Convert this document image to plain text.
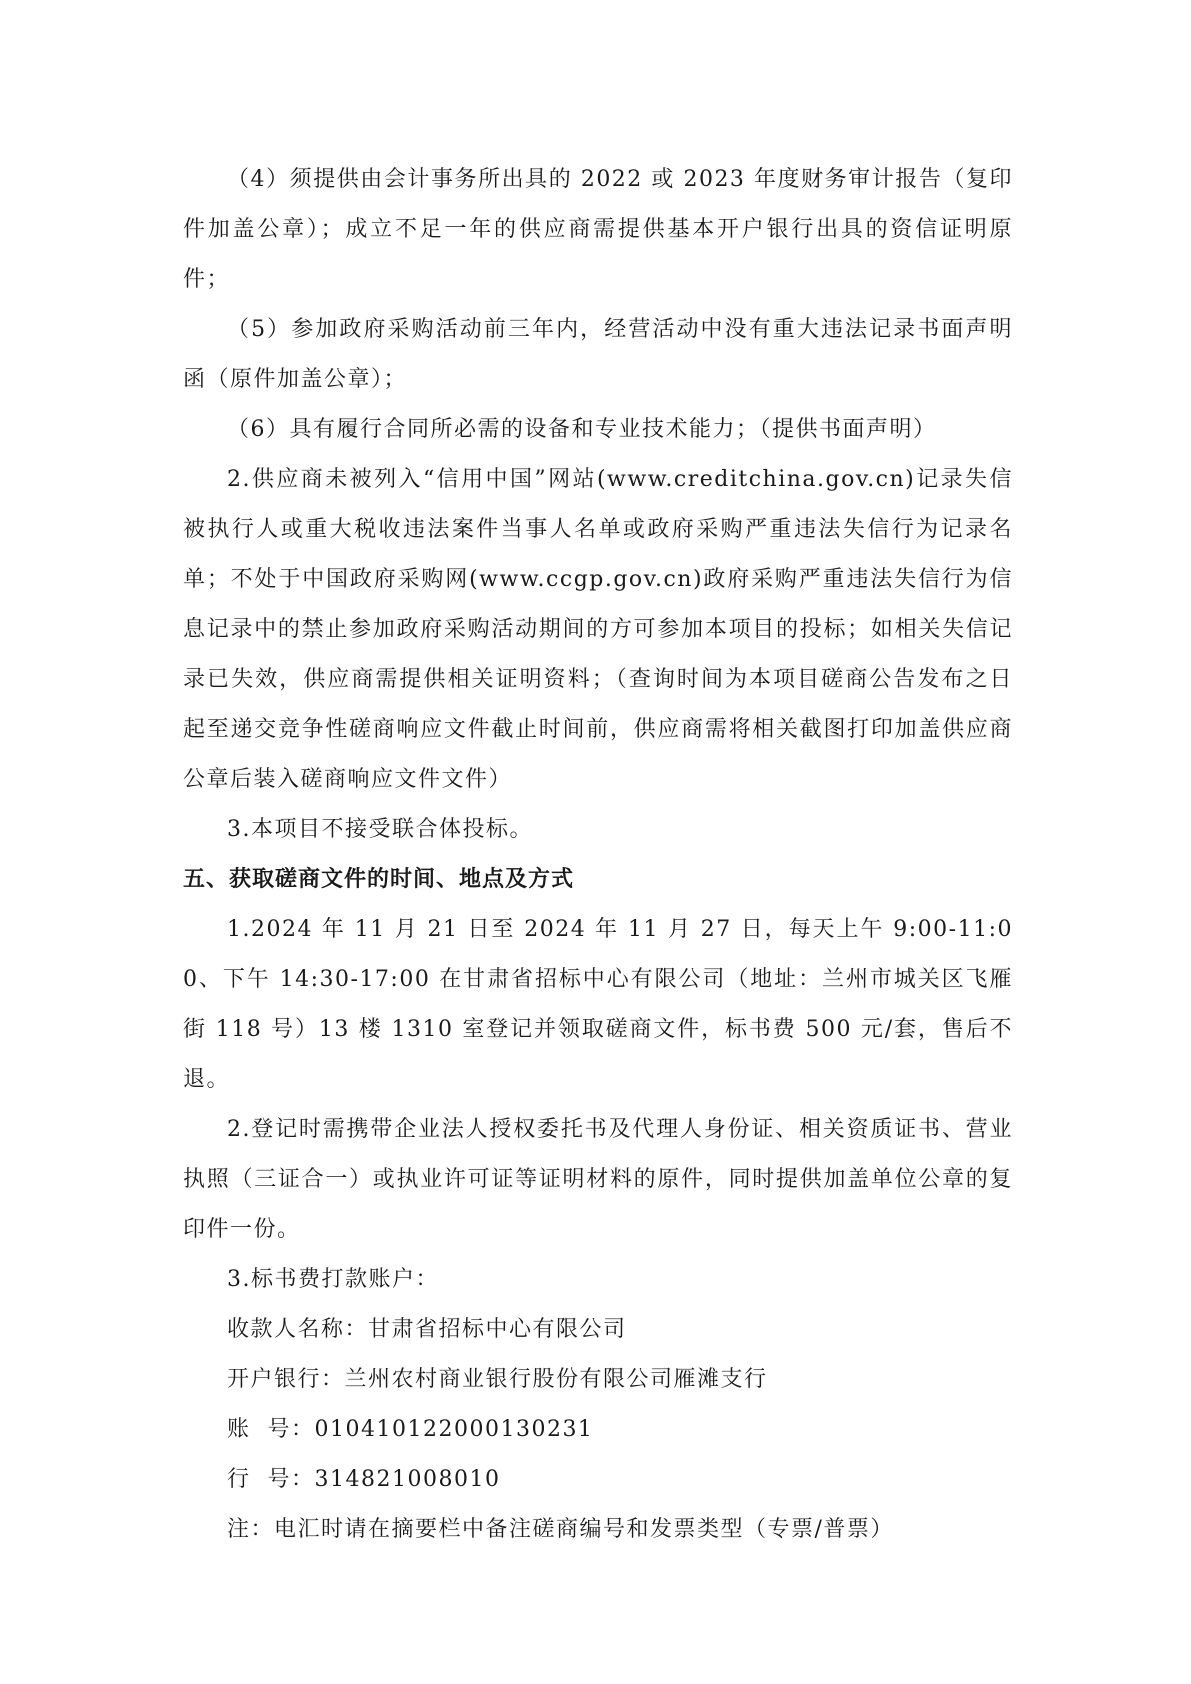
（4）须提供由会计事务所出具的 2022 或 2023 年度财务审计报告（复印件加盖公章）；成立不足一年的供应商需提供基本开户银行出具的资信证明原件；

（5）参加政府采购活动前三年内，经营活动中没有重大违法记录书面声明函（原件加盖公章）；

（6）具有履行合同所必需的设备和专业技术能力；（提供书面声明）

2.供应商未被列入“信用中国”网站(www.creditchina.gov.cn)记录失信 被执行人或重大税收违法案件当事人名单或政府采购严重违法失信行为记录名单；不处于中国政府采购网(www.ccgp.gov.cn)政府采购严重违法失信行为信息记录中的禁止参加政府采购活动期间的方可参加本项目的投标；如相关失信记录已失效，供应商需提供相关证明资料；（查询时间为本项目磋商公告发布之日起至递交竞争性磋商响应文件截止时间前，供应商需将相关截图打印加盖供应商公章后装入磋商响应文件文件）

3.本项目不接受联合体投标。

五、获取磋商文件的时间、地点及方式

1.2024 年 11 月 21 日至 2024 年 11 月 27 日，每天上午 9:00-11:00、下午 14:30-17:00 在甘肃省招标中心有限公司（地址：兰州市城关区飞雁街 118 号）13 楼 1310 室登记并领取磋商文件，标书费 500 元/套，售后不退。

2.登记时需携带企业法人授权委托书及代理人身份证、相关资质证书、营业执照（三证合一）或执业许可证等证明材料的原件，同时提供加盖单位公章的复印件一份。

3.标书费打款账户：

收款人名称：甘肃省招标中心有限公司

开户银行：兰州农村商业银行股份有限公司雁滩支行

账  号：010410122000130231

行  号：314821008010

注：电汇时请在摘要栏中备注磋商编号和发票类型（专票/普票）
